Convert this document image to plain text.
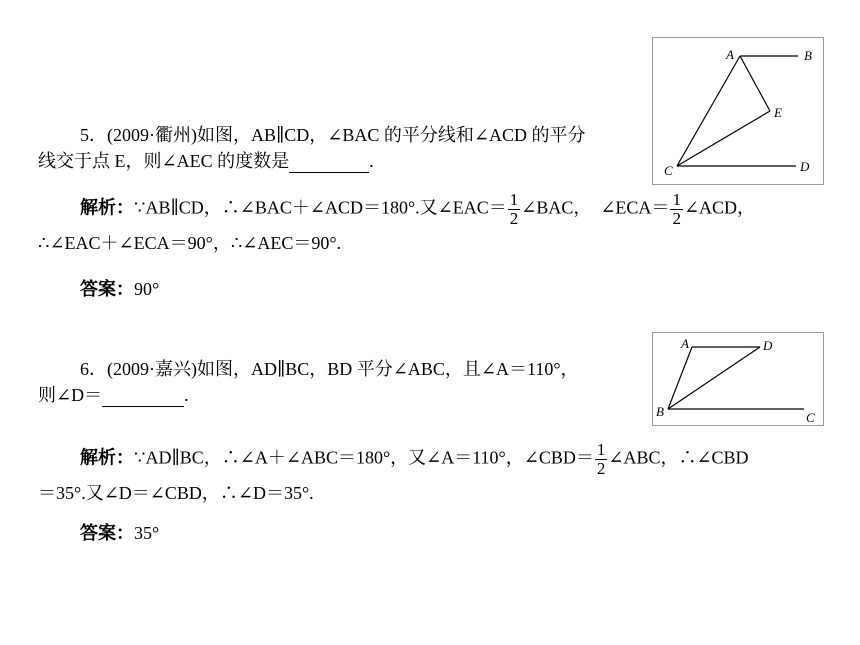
5．(2009·衢州)如图，AB∥CD，∠BAC 的平分线和∠ACD 的平分
线交于点 E，则∠AEC 的度数是	.
A	B
E
C	D
解析：∵AB∥CD，∴∠BAC＋∠ACD＝180°.又∠EAC＝ $\frac{1}{2}$ ∠BAC，　∠ECA＝ $\frac{1}{2}$ ∠ACD，
∴∠EAC＋∠ECA＝90°，∴∠AEC＝90°.
答案：90°
6．(2009·嘉兴)如图，AD∥BC，BD 平分∠ABC，且∠A＝110°，
则∠D＝	.
A	D
B	C
解析：∵AD∥BC，∴∠A＋∠ABC＝180°，又∠A＝110°，∠CBD＝ $\frac{1}{2}$ ∠ABC，∴∠CBD
＝35°.又∠D＝∠CBD，∴∠D＝35°.
答案：35°
